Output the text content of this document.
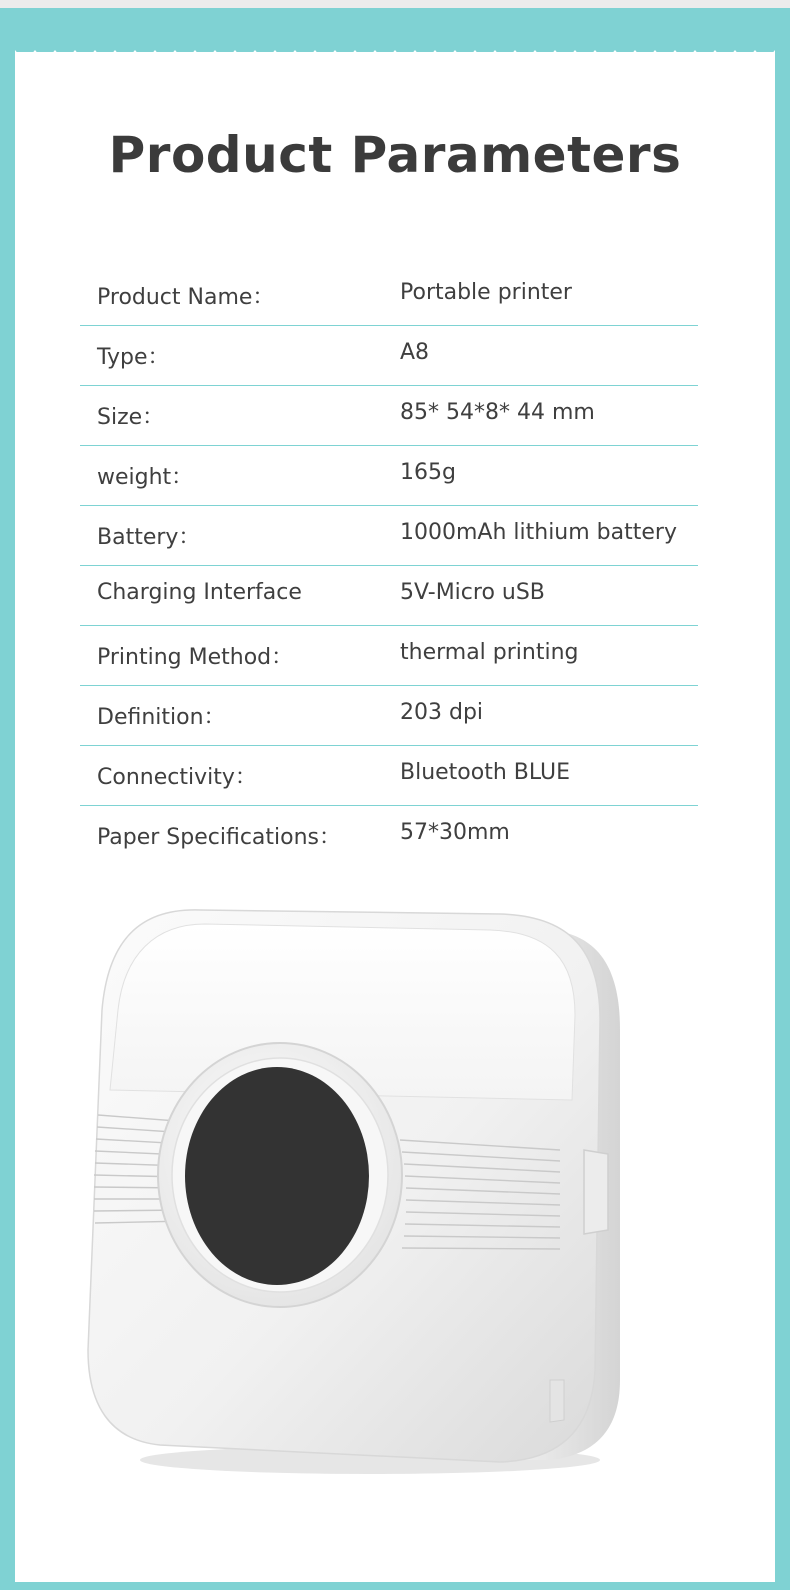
Product Parameters
Product Name：	Portable printer
Type：	A8
Size：	85* 54*8* 44 mm
weight：	165g
Battery：	1000mAh lithium battery
Charging Interface	5V-Micro uSB
Printing Method：	thermal printing
Definition：	203 dpi
Connectivity：	Bluetooth BLUE
Paper Specifications：	57*30mm
